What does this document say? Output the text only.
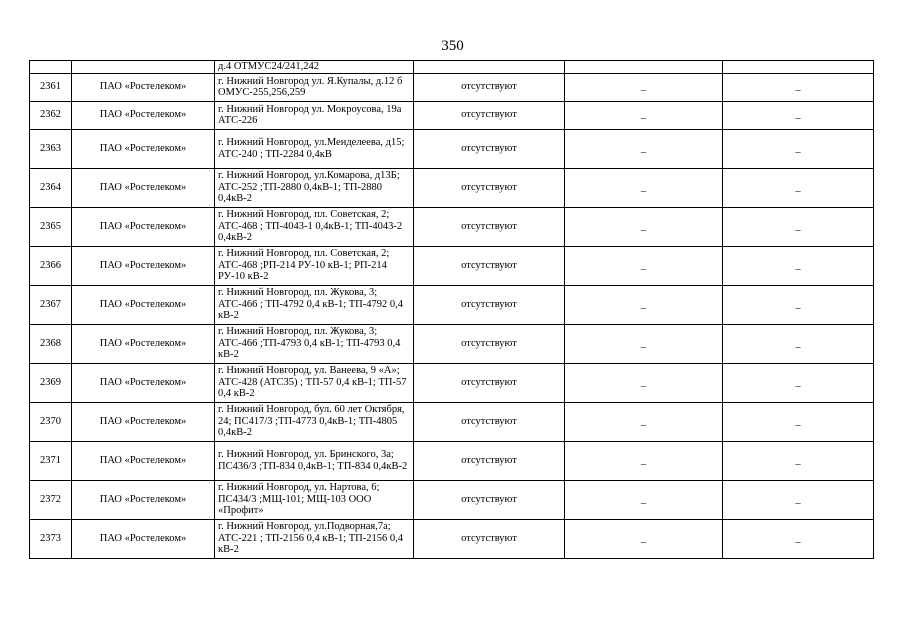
350
		д.4 ОТМУС24/241,242			
2361	ПАО «Ростелеком»	г. Нижний Новгород ул. Я.Купалы, д.12 б ОМУС-255,256,259	отсутствуют	_	_
2362	ПАО «Ростелеком»	г. Нижний Новгород ул. Мокроусова, 19а АТС-226	отсутствуют	_	_
2363	ПАО «Ростелеком»	г. Нижний Новгород, ул.Менделеева, д15; АТС-240 ; ТП-2284 0,4кВ	отсутствуют	_	_
2364	ПАО «Ростелеком»	г. Нижний Новгород, ул.Комарова, д13Б; АТС-252 ;ТП-2880 0,4кВ-1; ТП-2880 0,4кВ-2	отсутствуют	_	_
2365	ПАО «Ростелеком»	г. Нижний Новгород, пл. Советская, 2; АТС-468 ; ТП-4043-1 0,4кВ-1; ТП-4043-2 0,4кВ-2	отсутствуют	_	_
2366	ПАО «Ростелеком»	г. Нижний Новгород, пл. Советская, 2; АТС-468 ;РП-214 РУ-10 кВ-1; РП-214 РУ-10 кВ-2	отсутствуют	_	_
2367	ПАО «Ростелеком»	г. Нижний Новгород, пл. Жукова, 3; АТС-466 ; ТП-4792 0,4 кВ-1; ТП-4792 0,4 кВ-2	отсутствуют	_	_
2368	ПАО «Ростелеком»	г. Нижний Новгород, пл. Жукова, 3; АТС-466 ;ТП-4793 0,4 кВ-1; ТП-4793 0,4 кВ-2	отсутствуют	_	_
2369	ПАО «Ростелеком»	г. Нижний Новгород, ул. Ванеева, 9 «А»; АТС-428 (АТС35) ; ТП-57 0,4 кВ-1; ТП-57 0,4 кВ-2	отсутствуют	_	_
2370	ПАО «Ростелеком»	г. Нижний Новгород, бул. 60 лет Октября, 24; ПС417/3 ;ТП-4773 0,4кВ-1; ТП-4805 0,4кВ-2	отсутствуют	_	_
2371	ПАО «Ростелеком»	г. Нижний Новгород, ул. Бринского, 3а; ПС436/3 ;ТП-834 0,4кВ-1; ТП-834 0,4кВ-2	отсутствуют	_	_
2372	ПАО «Ростелеком»	г. Нижний Новгород, ул. Нартова, 6; ПС434/3 ;МЩ-101; МЩ-103 ООО «Профит»	отсутствуют	_	_
2373	ПАО «Ростелеком»	г. Нижний Новгород, ул.Подворная,7а; АТС-221 ; ТП-2156 0,4 кВ-1; ТП-2156 0,4 кВ-2	отсутствуют	_	_
